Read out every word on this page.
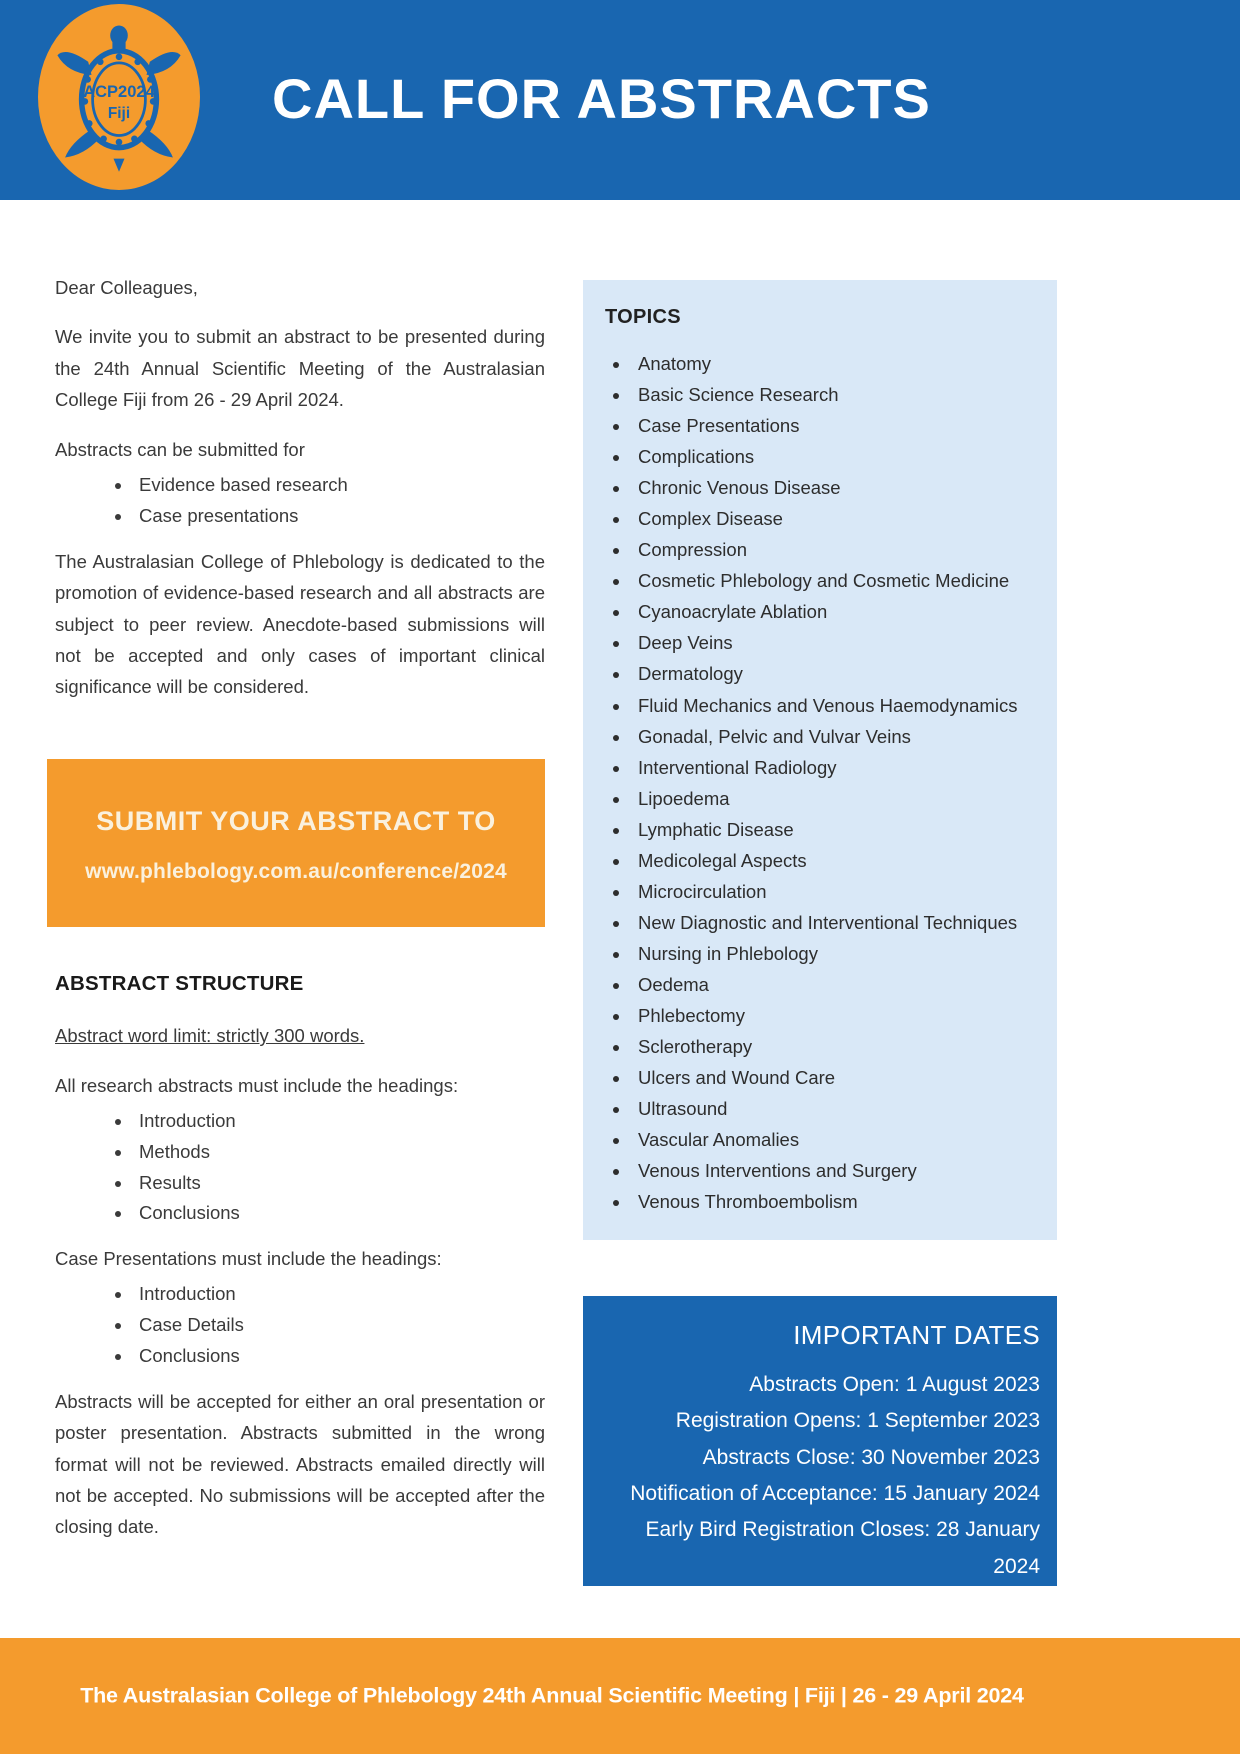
ACP2024
Fiji	CALL FOR ABSTRACTS

Dear Colleagues,

We invite you to submit an abstract to be presented during the 24th Annual Scientific Meeting of the Australasian College Fiji from 26 - 29 April 2024.

Abstracts can be submitted for

• Evidence based research
• Case presentations

The Australasian College of Phlebology is dedicated to the promotion of evidence-based research and all abstracts are subject to peer review. Anecdote-based submissions will not be accepted and only cases of important clinical significance will be considered.

SUBMIT YOUR ABSTRACT TO
www.phlebology.com.au/conference/2024
ABSTRACT STRUCTURE

Abstract word limit: strictly 300 words.

All research abstracts must include the headings:

• Introduction
• Methods
• Results
• Conclusions

Case Presentations must include the headings:

• Introduction
• Case Details
• Conclusions

Abstracts will be accepted for either an oral presentation or poster presentation. Abstracts submitted in the wrong format will not be reviewed. Abstracts emailed directly will not be accepted. No submissions will be accepted after the closing date.

TOPICS
• Anatomy
• Basic Science Research
• Case Presentations
• Complications
• Chronic Venous Disease
• Complex Disease
• Compression
• Cosmetic Phlebology and Cosmetic Medicine
• Cyanoacrylate Ablation
• Deep Veins
• Dermatology
• Fluid Mechanics and Venous Haemodynamics
• Gonadal, Pelvic and Vulvar Veins
• Interventional Radiology
• Lipoedema
• Lymphatic Disease
• Medicolegal Aspects
• Microcirculation
• New Diagnostic and Interventional Techniques
• Nursing in Phlebology
• Oedema
• Phlebectomy
• Sclerotherapy
• Ulcers and Wound Care
• Ultrasound
• Vascular Anomalies
• Venous Interventions and Surgery
• Venous Thromboembolism
IMPORTANT DATES
Abstracts Open: 1 August 2023
Registration Opens: 1 September 2023
Abstracts Close: 30 November 2023
Notification of Acceptance: 15 January 2024
Early Bird Registration Closes: 28 January 2024
The Australasian College of Phlebology 24th Annual Scientific Meeting | Fiji | 26 - 29 April 2024
